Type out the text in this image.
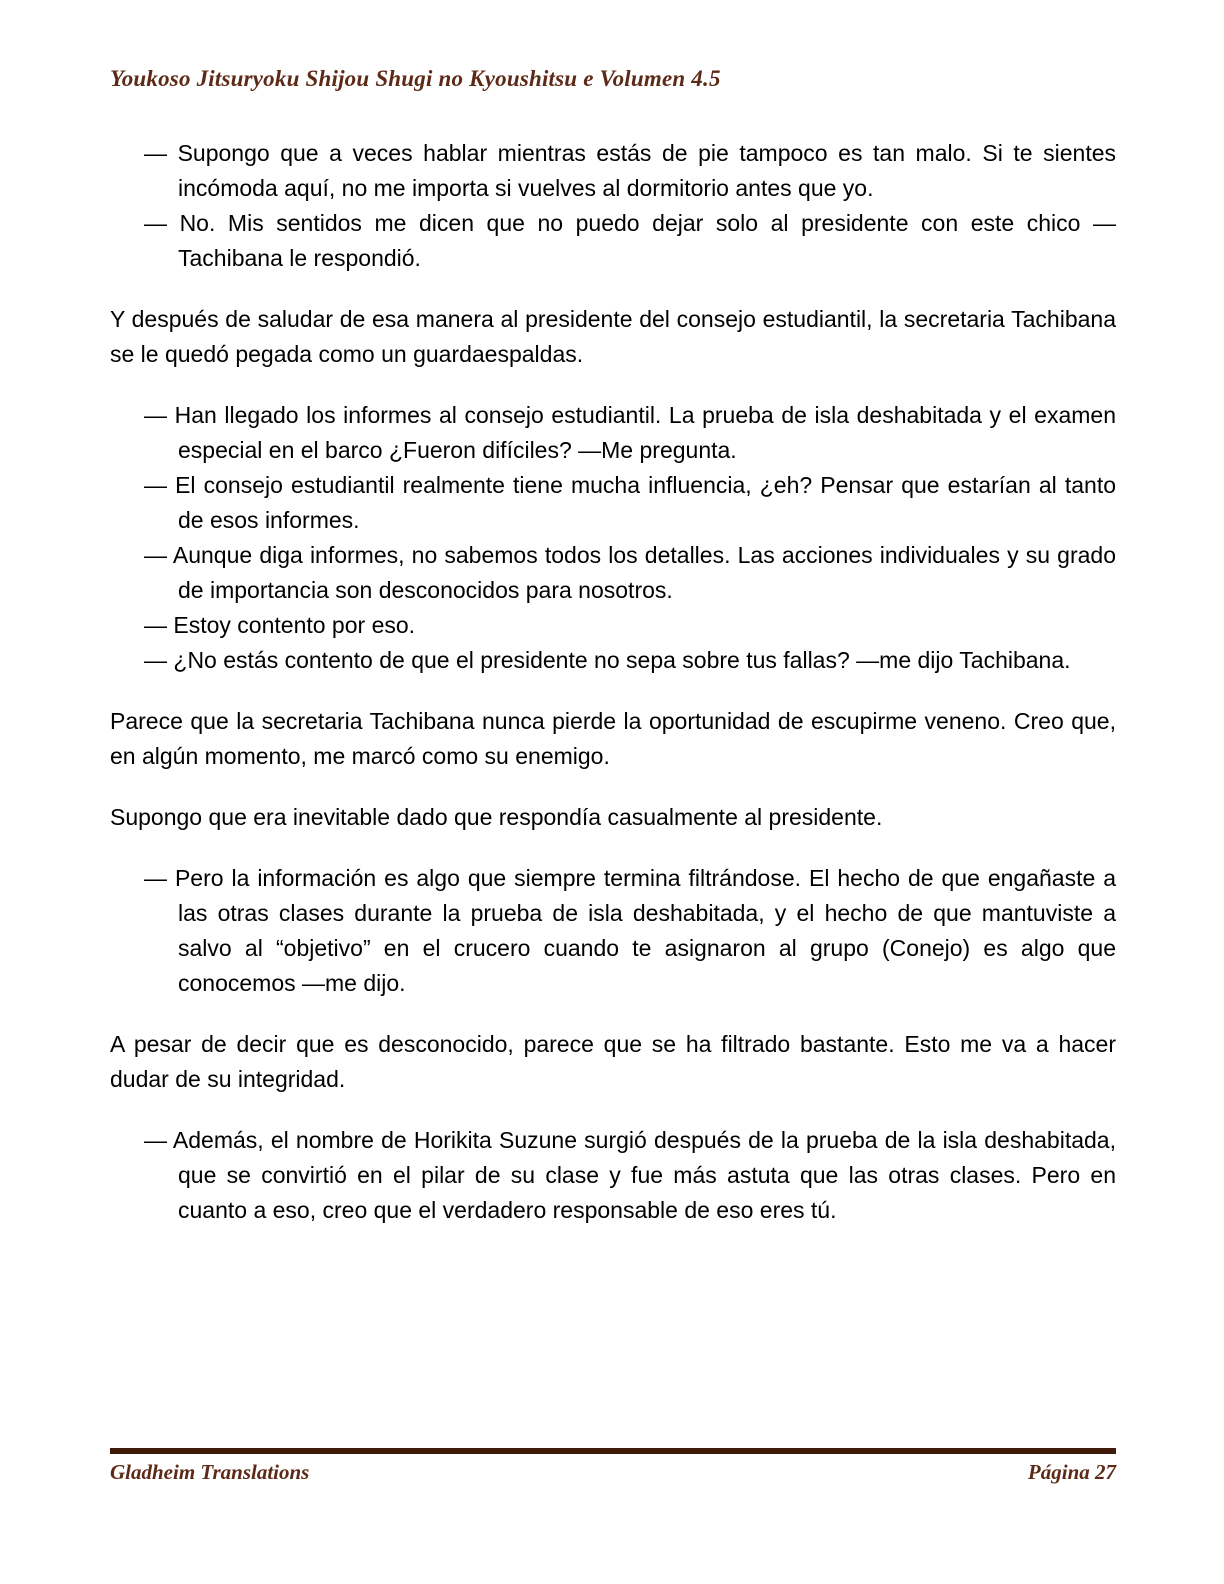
Youkoso Jitsuryoku Shijou Shugi no Kyoushitsu e Volumen 4.5

— Supongo que a veces hablar mientras estás de pie tampoco es tan malo. Si te sientes incómoda aquí, no me importa si vuelves al dormitorio antes que yo.

— No. Mis sentidos me dicen que no puedo dejar solo al presidente con este chico —Tachibana le respondió.

Y después de saludar de esa manera al presidente del consejo estudiantil, la secretaria Tachibana se le quedó pegada como un guardaespaldas.

— Han llegado los informes al consejo estudiantil. La prueba de isla deshabitada y el examen especial en el barco ¿Fueron difíciles? —Me pregunta.

— El consejo estudiantil realmente tiene mucha influencia, ¿eh? Pensar que estarían al tanto de esos informes.

— Aunque diga informes, no sabemos todos los detalles. Las acciones individuales y su grado de importancia son desconocidos para nosotros.

— Estoy contento por eso.

— ¿No estás contento de que el presidente no sepa sobre tus fallas? —me dijo Tachibana.

Parece que la secretaria Tachibana nunca pierde la oportunidad de escupirme veneno. Creo que, en algún momento, me marcó como su enemigo.

Supongo que era inevitable dado que respondía casualmente al presidente.

— Pero la información es algo que siempre termina filtrándose. El hecho de que engañaste a las otras clases durante la prueba de isla deshabitada, y el hecho de que mantuviste a salvo al “objetivo” en el crucero cuando te asignaron al grupo (Conejo) es algo que conocemos —me dijo.

A pesar de decir que es desconocido, parece que se ha filtrado bastante. Esto me va a hacer dudar de su integridad.

— Además, el nombre de Horikita Suzune surgió después de la prueba de la isla deshabitada, que se convirtió en el pilar de su clase y fue más astuta que las otras clases. Pero en cuanto a eso, creo que el verdadero responsable de eso eres tú.

Gladheim Translations	Página 27
